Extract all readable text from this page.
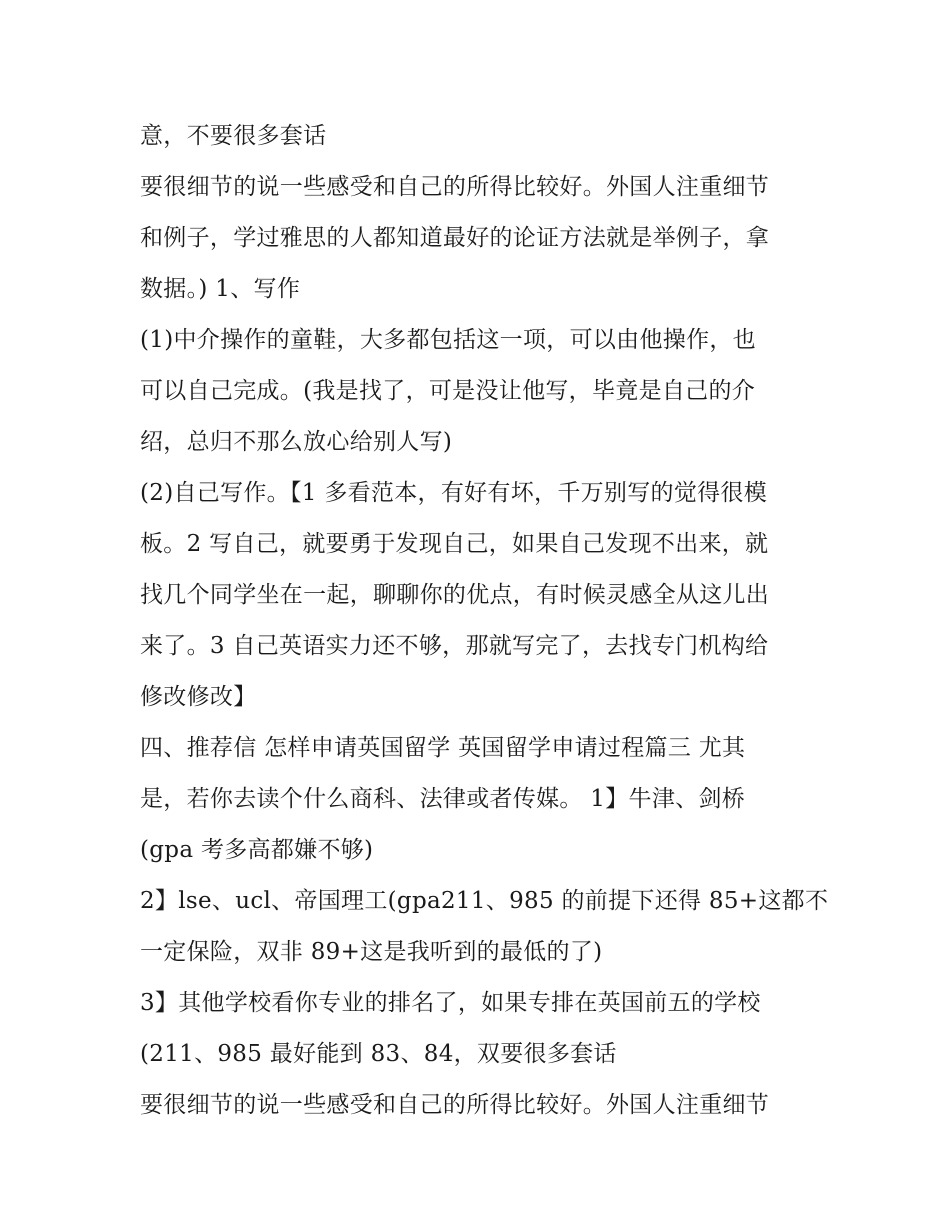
意，不要很多套话
要很细节的说一些感受和自己的所得比较好。外国人注重细节
和例子，学过雅思的人都知道最好的论证方法就是举例子，拿
数据。) 1、写作
(1)中介操作的童鞋，大多都包括这一项，可以由他操作，也
可以自己完成。(我是找了，可是没让他写，毕竟是自己的介
绍，总归不那么放心给别人写)
(2)自己写作。【1 多看范本，有好有坏，千万别写的觉得很模
板。2 写自己，就要勇于发现自己，如果自己发现不出来，就
找几个同学坐在一起，聊聊你的优点，有时候灵感全从这儿出
来了。3 自己英语实力还不够，那就写完了，去找专门机构给
修改修改】
四、推荐信 怎样申请英国留学 英国留学申请过程篇三 尤其
是，若你去读个什么商科、法律或者传媒。 1】牛津、剑桥
(gpa 考多高都嫌不够)
2】lse、ucl、帝国理工(gpa211、985 的前提下还得 85+这都不
一定保险，双非 89+这是我听到的最低的了)
3】其他学校看你专业的排名了，如果专排在英国前五的学校
(211、985 最好能到 83、84，双要很多套话
要很细节的说一些感受和自己的所得比较好。外国人注重细节
